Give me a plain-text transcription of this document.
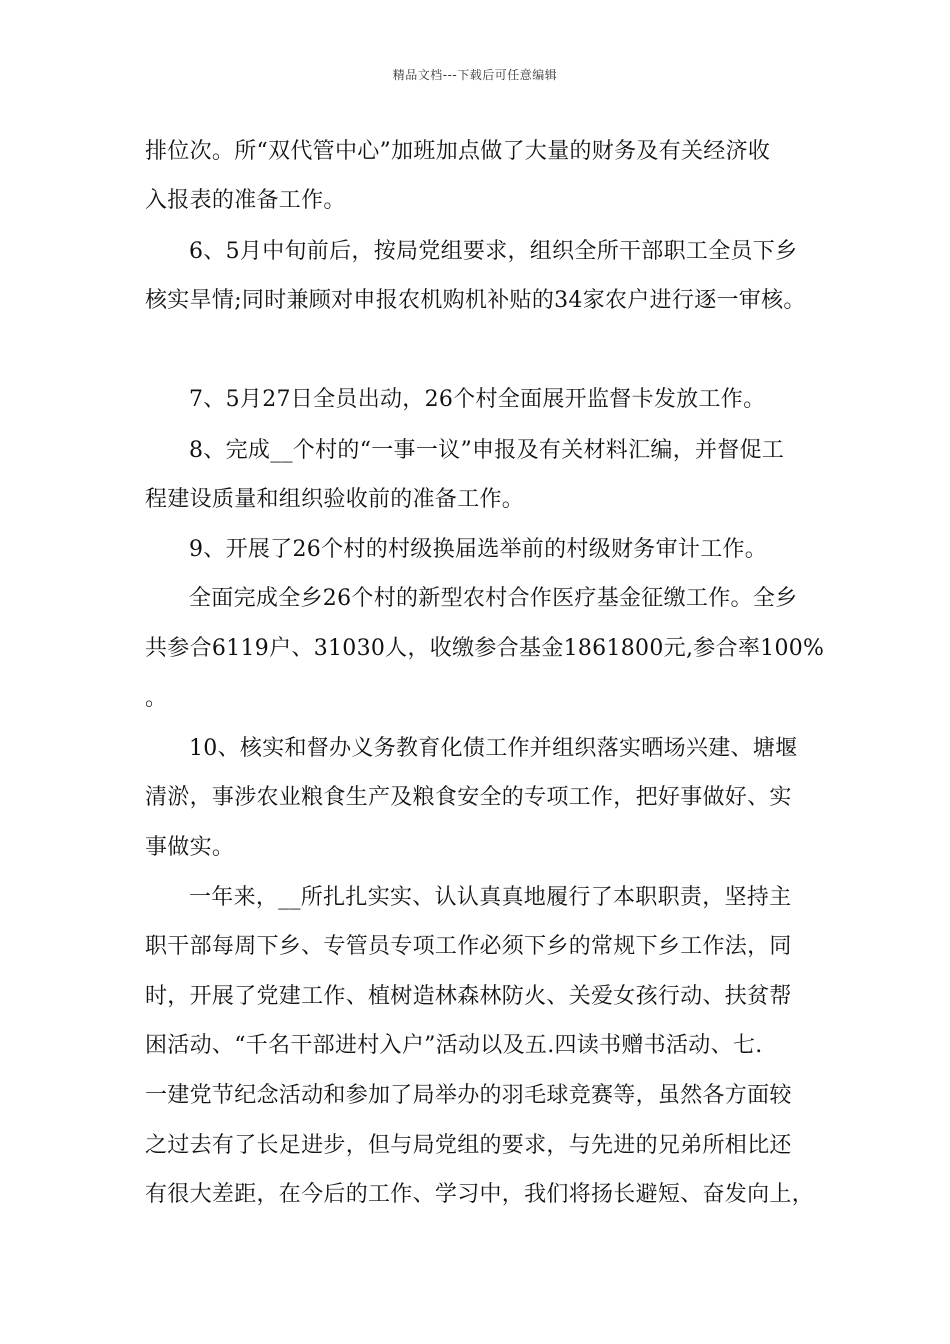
精品文档---下载后可任意编辑
排位次。所“双代管中心”加班加点做了大量的财务及有关经济收
入报表的准备工作。
6、5月中旬前后，按局党组要求，组织全所干部职工全员下乡
核实旱情;同时兼顾对申报农机购机补贴的34家农户进行逐一审核。
7、5月27日全员出动，26个村全面展开监督卡发放工作。
8、完成__个村的“一事一议”申报及有关材料汇编，并督促工
程建设质量和组织验收前的准备工作。
9、开展了26个村的村级换届选举前的村级财务审计工作。
全面完成全乡26个村的新型农村合作医疗基金征缴工作。全乡
共参合6119户、31030人，收缴参合基金1861800元,参合率100%
。
10、核实和督办义务教育化债工作并组织落实晒场兴建、塘堰
清淤，事涉农业粮食生产及粮食安全的专项工作，把好事做好、实
事做实。
一年来，__所扎扎实实、认认真真地履行了本职职责，坚持主
职干部每周下乡、专管员专项工作必须下乡的常规下乡工作法，同
时，开展了党建工作、植树造林森林防火、关爱女孩行动、扶贫帮
困活动、“千名干部进村入户”活动以及五.四读书赠书活动、七.
一建党节纪念活动和参加了局举办的羽毛球竞赛等，虽然各方面较
之过去有了长足进步，但与局党组的要求，与先进的兄弟所相比还
有很大差距，在今后的工作、学习中，我们将扬长避短、奋发向上，
